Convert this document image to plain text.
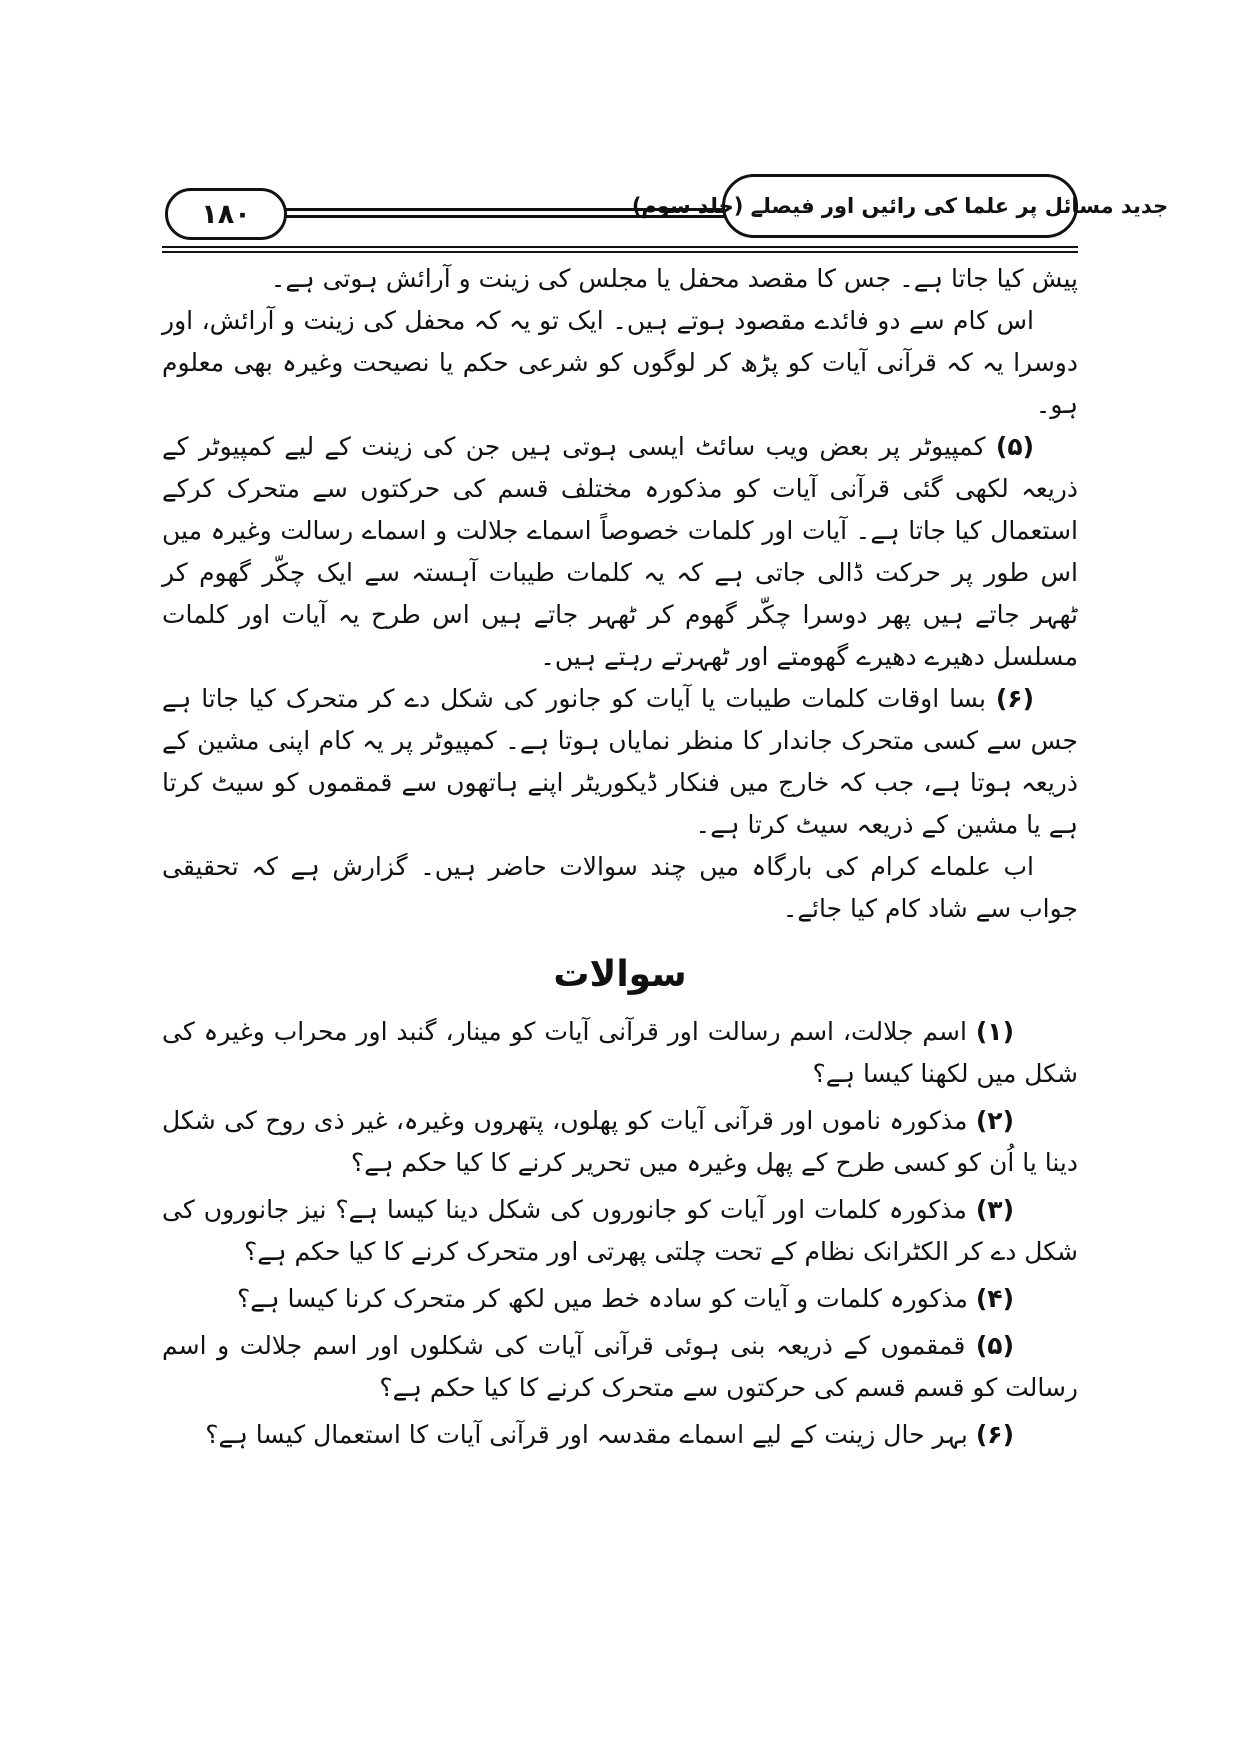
۱۸۰	جدید مسائل پر علما کی رائیں اور فیصلے (جلد سوم)

پیش کیا جاتا ہے۔ جس کا مقصد محفل یا مجلس کی زینت و آرائش ہوتی ہے۔

اس کام سے دو فائدے مقصود ہوتے ہیں۔ ایک تو یہ کہ محفل کی زینت و آرائش، اور دوسرا یہ کہ قرآنی آیات کو پڑھ کر لوگوں کو شرعی حکم یا نصیحت وغیرہ بھی معلوم ہو۔

(۵) کمپیوٹر پر بعض ویب سائٹ ایسی ہوتی ہیں جن کی زینت کے لیے کمپیوٹر کے ذریعہ لکھی گئی قرآنی آیات کو مذکورہ مختلف قسم کی حرکتوں سے متحرک کرکے استعمال کیا جاتا ہے۔ آیات اور کلمات خصوصاً اسماے جلالت و اسماے رسالت وغیرہ میں اس طور پر حرکت ڈالی جاتی ہے کہ یہ کلمات طیبات آہستہ سے ایک چکّر گھوم کر ٹھہر جاتے ہیں پھر دوسرا چکّر گھوم کر ٹھہر جاتے ہیں اس طرح یہ آیات اور کلمات مسلسل دھیرے دھیرے گھومتے اور ٹھہرتے رہتے ہیں۔

(۶) بسا اوقات کلمات طیبات یا آیات کو جانور کی شکل دے کر متحرک کیا جاتا ہے جس سے کسی متحرک جاندار کا منظر نمایاں ہوتا ہے۔ کمپیوٹر پر یہ کام اپنی مشین کے ذریعہ ہوتا ہے، جب کہ خارج میں فنکار ڈیکوریٹر اپنے ہاتھوں سے قمقموں کو سیٹ کرتا ہے یا مشین کے ذریعہ سیٹ کرتا ہے۔

اب علماے کرام کی بارگاہ میں چند سوالات حاضر ہیں۔ گزارش ہے کہ تحقیقی جواب سے شاد کام کیا جائے۔

سوالات

(۱) اسم جلالت، اسم رسالت اور قرآنی آیات کو مینار، گنبد اور محراب وغیرہ کی شکل میں لکھنا کیسا ہے؟

(۲) مذکورہ ناموں اور قرآنی آیات کو پھلوں، پتھروں وغیرہ، غیر ذی روح کی شکل دینا یا اُن کو کسی طرح کے پھل وغیرہ میں تحریر کرنے کا کیا حکم ہے؟

(۳) مذکورہ کلمات اور آیات کو جانوروں کی شکل دینا کیسا ہے؟ نیز جانوروں کی شکل دے کر الکٹرانک نظام کے تحت چلتی پھرتی اور متحرک کرنے کا کیا حکم ہے؟

(۴) مذکورہ کلمات و آیات کو سادہ خط میں لکھ کر متحرک کرنا کیسا ہے؟

(۵) قمقموں کے ذریعہ بنی ہوئی قرآنی آیات کی شکلوں اور اسم جلالت و اسم رسالت کو قسم قسم کی حرکتوں سے متحرک کرنے کا کیا حکم ہے؟

(۶) بہر حال زینت کے لیے اسماے مقدسہ اور قرآنی آیات کا استعمال کیسا ہے؟
